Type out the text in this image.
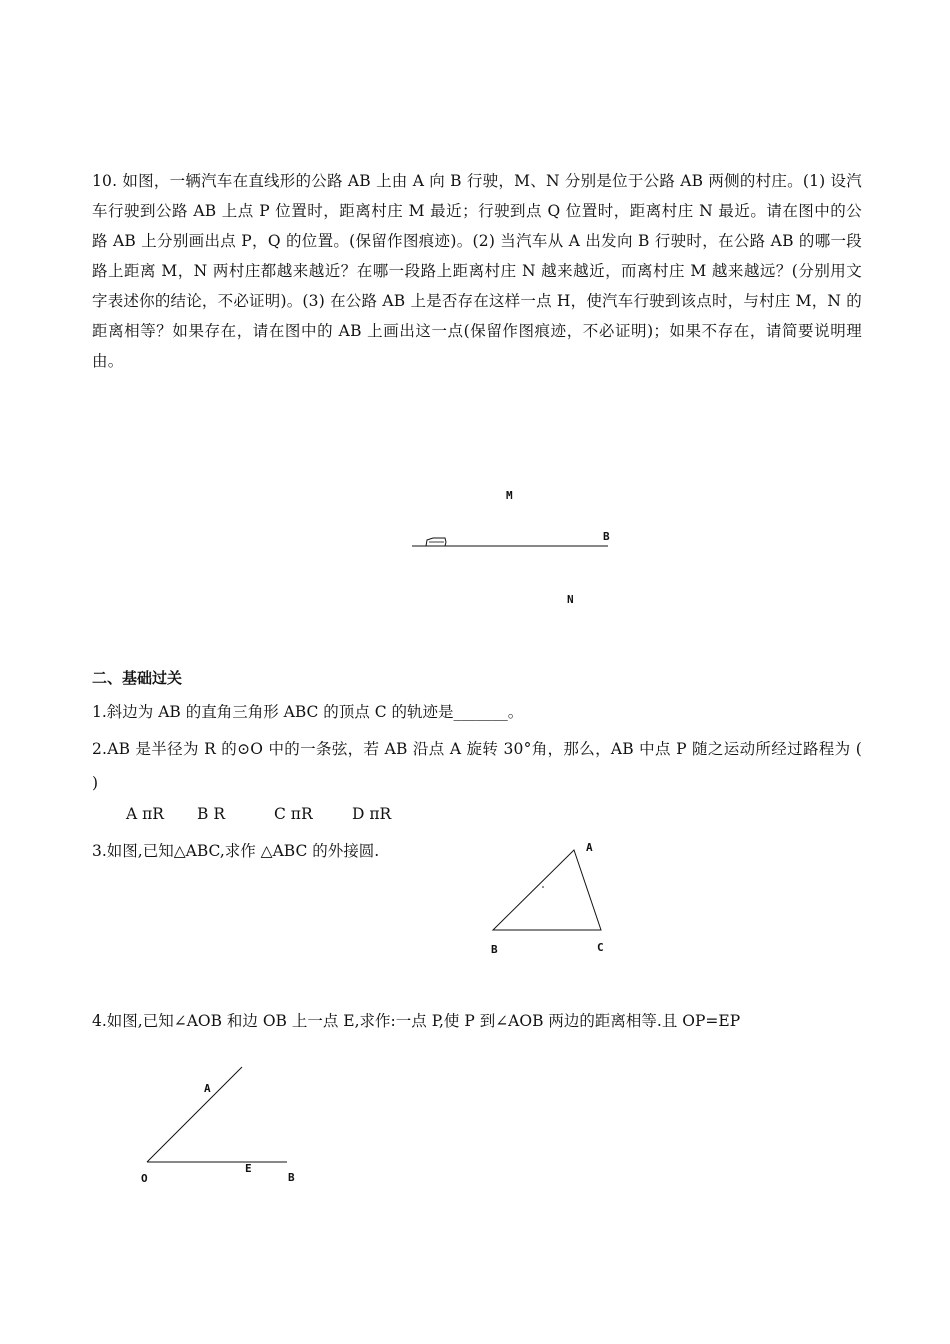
10. 如图，一辆汽车在直线形的公路 AB 上由 A 向 B 行驶，M、N 分别是位于公路 AB 两侧的村庄。(1) 设汽车行驶到公路 AB 上点 P 位置时，距离村庄 M 最近；行驶到点 Q 位置时，距离村庄 N 最近。请在图中的公路 AB 上分别画出点 P，Q 的位置。(保留作图痕迹)。(2) 当汽车从 A 出发向 B 行驶时，在公路 AB 的哪一段路上距离 M，N 两村庄都越来越近？在哪一段路上距离村庄 N 越来越近，而离村庄 M 越来越远？(分别用文字表述你的结论，不必证明)。(3) 在公路 AB 上是否存在这样一点 H，使汽车行驶到该点时，与村庄 M，N 的距离相等？如果存在，请在图中的 AB 上画出这一点(保留作图痕迹，不必证明)；如果不存在，请简要说明理由。
M
B
N
二、基础过关
1.斜边为 AB 的直角三角形 ABC 的顶点 C 的轨迹是_______。
2.AB 是半径为 R 的⊙O 中的一条弦，若 AB 沿点 A 旋转 30°角，那么，AB 中点 P 随之运动所经过路程为 ( )
A πR B R	C πR	D πR
3.如图,已知△ABC,求作 △ABC 的外接圆.	A
B	C
4.如图,已知∠AOB 和边 OB 上一点 E,求作:一点 P,使 P 到∠AOB 两边的距离相等.且 OP=EP
A
O
E
B
